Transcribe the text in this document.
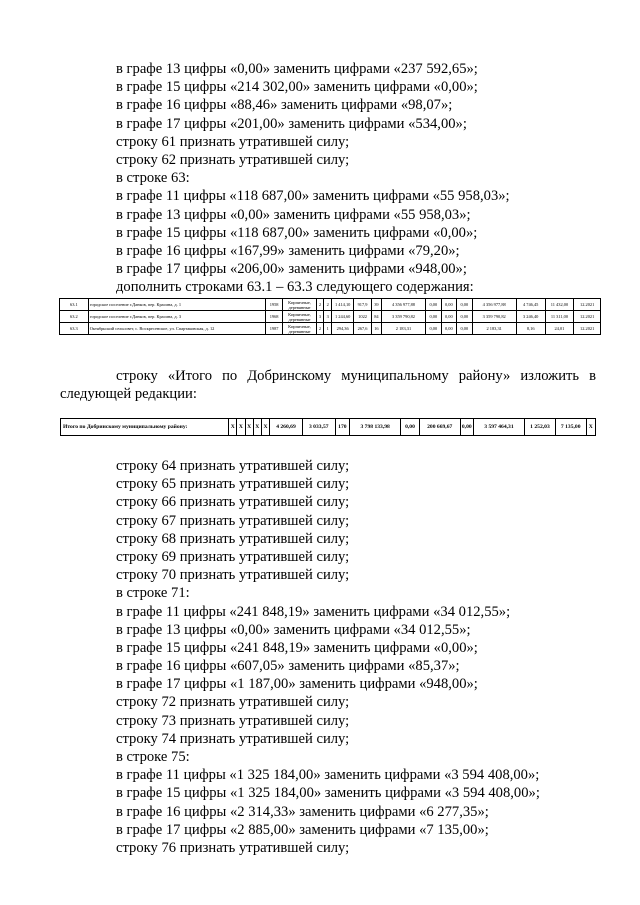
в графе 13 цифры «0,00» заменить цифрами «237 592,65»;
в графе 15 цифры «214 302,00» заменить цифрами «0,00»;
в графе 16 цифры «88,46» заменить цифрами «98,07»;
в графе 17 цифры «201,00» заменить цифрами «534,00»;
строку 61 признать утратившей силу;
строку 62 признать утратившей силу;
в строке 63:
в графе 11 цифры «118 687,00» заменить цифрами «55 958,03»;
в графе 13 цифры «0,00» заменить цифрами «55 958,03»;
в графе 15 цифры «118 687,00» заменить цифрами «0,00»;
в графе 16 цифры «167,99» заменить цифрами «79,20»;
в графе 17 цифры «206,00» заменить цифрами «948,00»;
дополнить строками 63.1 – 63.3 следующего содержания:
63.1	городское поселение г.Данков, пер. Красина, д. 1	1958	Кирпичные, деревянные	2	2	1 414,10	917,9	39	4 356 977,88	0,00	0,00	0,00	4 356 977,88	4 746,45	11 432,00	12.2021
63.2	городское поселение г.Данков, пер. Красина, д. 3	1968	Кирпичные, деревянные	3	3	1 244,60	1022	84	3 359 790,82	0,00	0,00	0,00	3 359 790,82	3 246,40	11 311,00	12.2021
63.3	Октябрьский сельсовет, с. Воскресенское, ул. Спартаковская, д. 12	1987	Кирпичные, деревянные	2	1	294,36	267,6	16	2 183,31	0,00	0,00	0,00	2 183,31	8,16	24,01	12.2021
строку «Итого по Добринскому муниципальному району» изложить в
следующей редакции:
Итого по Добринскому муниципальному району:	X	X	X	X	X	4 260,69	3 033,57	170	3 798 133,98	0,00	200 669,67	0,00	3 597 464,31	1 252,03	7 135,00	X
строку 64 признать утратившей силу;
строку 65 признать утратившей силу;
строку 66 признать утратившей силу;
строку 67 признать утратившей силу;
строку 68 признать утратившей силу;
строку 69 признать утратившей силу;
строку 70 признать утратившей силу;
в строке 71:
в графе 11 цифры «241 848,19» заменить цифрами «34 012,55»;
в графе 13 цифры «0,00» заменить цифрами «34 012,55»;
в графе 15 цифры «241 848,19» заменить цифрами «0,00»;
в графе 16 цифры «607,05» заменить цифрами «85,37»;
в графе 17 цифры «1 187,00» заменить цифрами «948,00»;
строку 72 признать утратившей силу;
строку 73 признать утратившей силу;
строку 74 признать утратившей силу;
в строке 75:
в графе 11 цифры «1 325 184,00» заменить цифрами «3 594 408,00»;
в графе 15 цифры «1 325 184,00» заменить цифрами «3 594 408,00»;
в графе 16 цифры «2 314,33» заменить цифрами «6 277,35»;
в графе 17 цифры «2 885,00» заменить цифрами «7 135,00»;
строку 76 признать утратившей силу;
